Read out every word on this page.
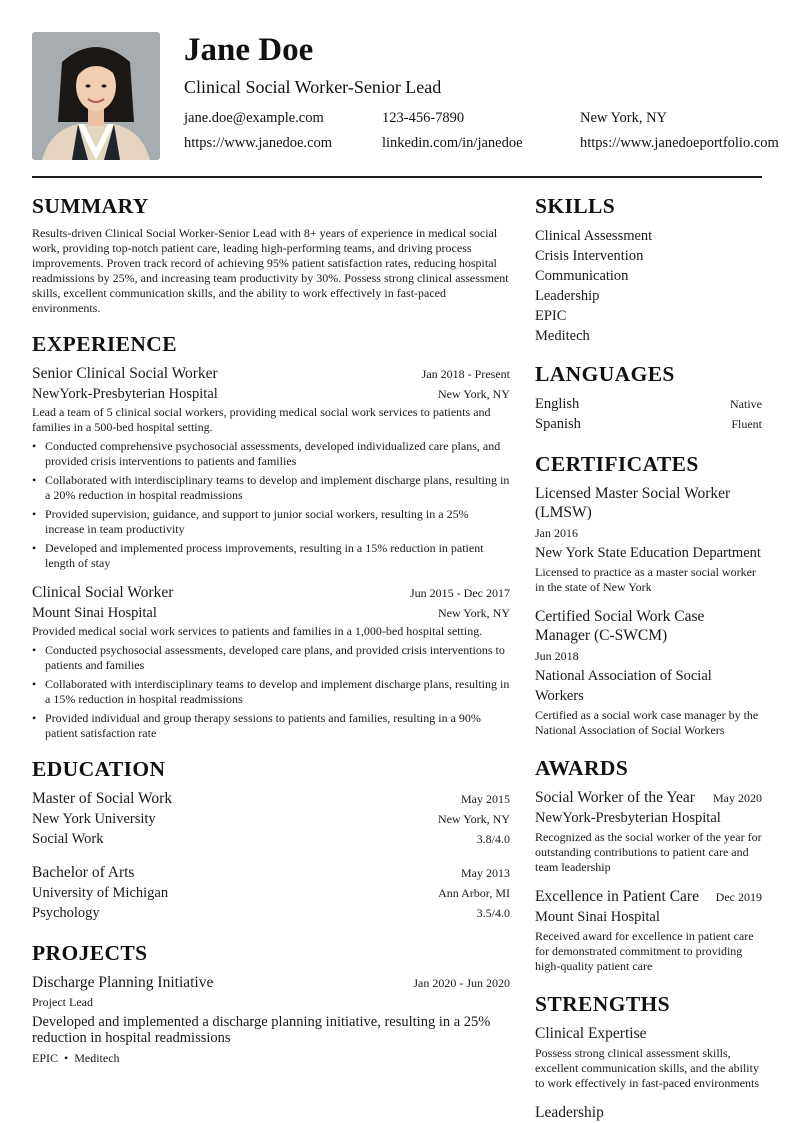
Jane Doe
Clinical Social Worker-Senior Lead
jane.doe@example.com	123-456-7890	New York, NY
https://www.janedoe.com	linkedin.com/in/janedoe	https://www.janedoeportfolio.com
SUMMARY
Results-driven Clinical Social Worker-Senior Lead with 8+ years of experience in medical social work, providing top-notch patient care, leading high-performing teams, and driving process improvements. Proven track record of achieving 95% patient satisfaction rates, reducing hospital readmissions by 25%, and increasing team productivity by 30%. Possess strong clinical assessment skills, excellent communication skills, and the ability to work effectively in fast-paced environments.
EXPERIENCE
Senior Clinical Social Worker	Jan 2018 - Present
NewYork-Presbyterian Hospital	New York, NY
Lead a team of 5 clinical social workers, providing medical social work services to patients and families in a 500-bed hospital setting.
• Conducted comprehensive psychosocial assessments, developed individualized care plans, and provided crisis interventions to patients and families
• Collaborated with interdisciplinary teams to develop and implement discharge plans, resulting in a 20% reduction in hospital readmissions
• Provided supervision, guidance, and support to junior social workers, resulting in a 25% increase in team productivity
• Developed and implemented process improvements, resulting in a 15% reduction in patient length of stay
Clinical Social Worker	Jun 2015 - Dec 2017
Mount Sinai Hospital	New York, NY
Provided medical social work services to patients and families in a 1,000-bed hospital setting.
• Conducted psychosocial assessments, developed care plans, and provided crisis interventions to patients and families
• Collaborated with interdisciplinary teams to develop and implement discharge plans, resulting in a 15% reduction in hospital readmissions
• Provided individual and group therapy sessions to patients and families, resulting in a 90% patient satisfaction rate
EDUCATION
Master of Social Work	May 2015
New York University	New York, NY
Social Work	3.8/4.0
Bachelor of Arts	May 2013
University of Michigan	Ann Arbor, MI
Psychology	3.5/4.0
PROJECTS
Discharge Planning Initiative	Jan 2020 - Jun 2020
Project Lead
Developed and implemented a discharge planning initiative, resulting in a 25% reduction in hospital readmissions
EPIC • Meditech
SKILLS
Clinical Assessment
Crisis Intervention
Communication
Leadership
EPIC
Meditech
LANGUAGES
English	Native
Spanish	Fluent
CERTIFICATES
Licensed Master Social Worker (LMSW)
Jan 2016
New York State Education Department
Licensed to practice as a master social worker in the state of New York
Certified Social Work Case Manager (C-SWCM)
Jun 2018
National Association of Social Workers
Certified as a social work case manager by the National Association of Social Workers
AWARDS
Social Worker of the Year May 2020
NewYork-Presbyterian Hospital
Recognized as the social worker of the year for outstanding contributions to patient care and team leadership
Excellence in Patient Care Dec 2019
Mount Sinai Hospital
Received award for excellence in patient care for demonstrated commitment to providing high-quality patient care
STRENGTHS
Clinical Expertise
Possess strong clinical assessment skills, excellent communication skills, and the ability to work effectively in fast-paced environments
Leadership
